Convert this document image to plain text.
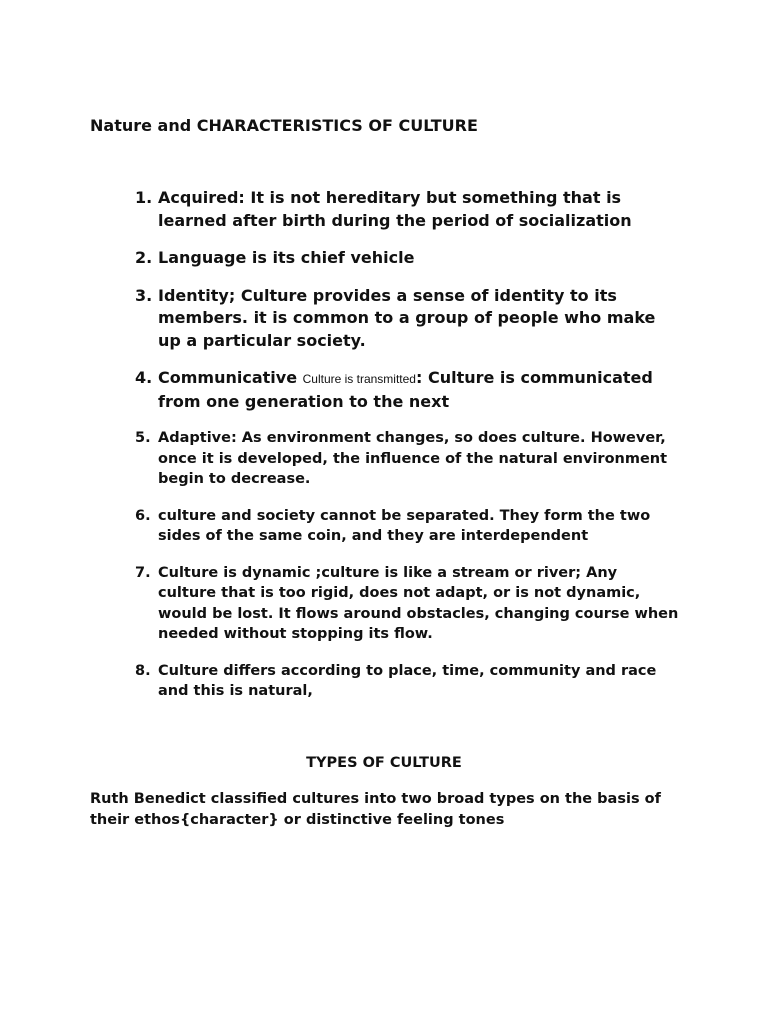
Nature and CHARACTERISTICS OF CULTURE
1. Acquired: It is not hereditary but something that is learned after birth during the period of socialization
2. Language is its chief vehicle
3. Identity; Culture provides a sense of identity to its members. it is common to a group of people who make up a particular society.
4. Communicative Culture is transmitted: Culture is communicated from one generation to the next
5. Adaptive: As environment changes, so does culture. However, once it is developed, the influence of the natural environment begin to decrease.
6. culture and society cannot be separated. They form the two sides of the same coin, and they are interdependent
7. Culture is dynamic ;culture is like a stream or river; Any culture that is too rigid, does not adapt, or is not dynamic, would be lost. It flows around obstacles, changing course when needed without stopping its flow.
8. Culture differs according to place, time, community and race and this is natural,
TYPES OF CULTURE
Ruth Benedict classified cultures into two broad types on the basis of their ethos{character} or distinctive feeling tones
